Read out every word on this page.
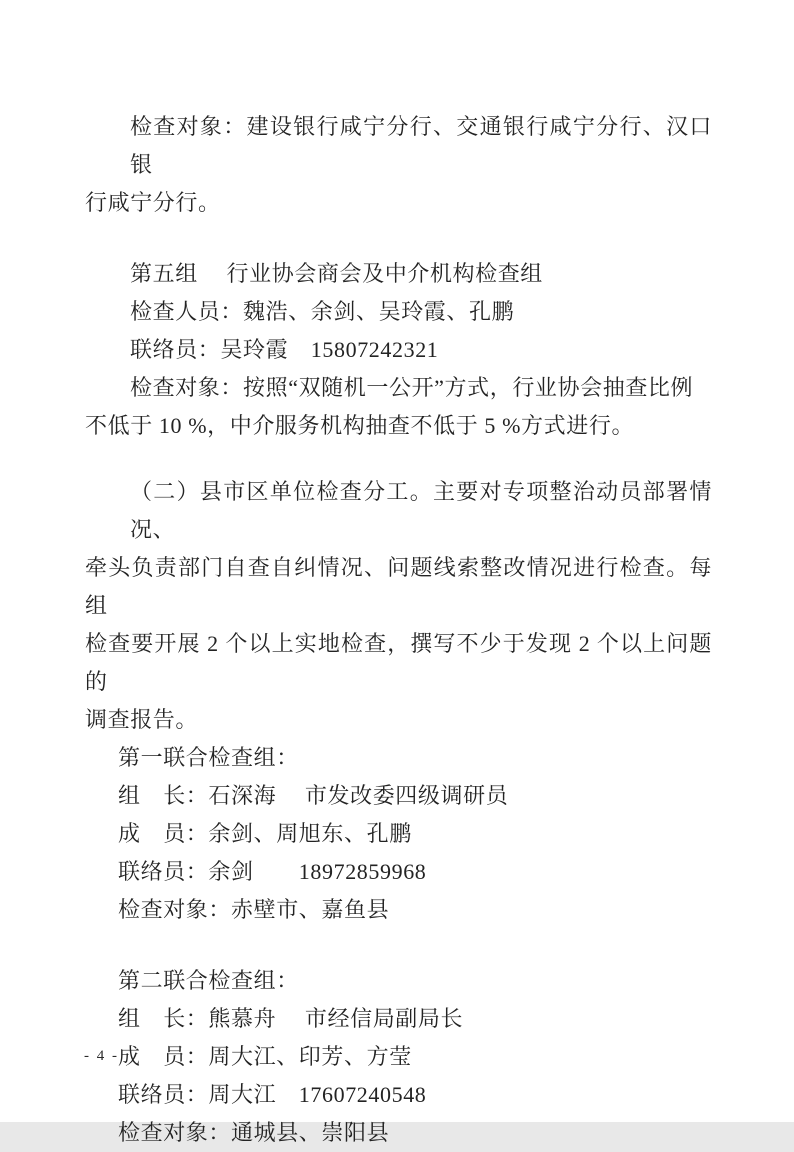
检查对象：建设银行咸宁分行、交通银行咸宁分行、汉口银
行咸宁分行。
第五组　 行业协会商会及中介机构检查组
检查人员：魏浩、余剑、吴玲霞、孔鹏
联络员：吴玲霞　15807242321
检查对象：按照“双随机一公开”方式，行业协会抽查比例
不低于 10 %，中介服务机构抽查不低于 5 %方式进行。
（二）县市区单位检查分工。主要对专项整治动员部署情况、
牵头负责部门自查自纠情况、问题线索整改情况进行检查。每组
检查要开展 2 个以上实地检查，撰写不少于发现 2 个以上问题的
调查报告。
第一联合检查组：
组　长：石深海　 市发改委四级调研员
成　员：余剑、周旭东、孔鹏
联络员：余剑　　18972859968
检查对象：赤壁市、嘉鱼县
第二联合检查组：
组　长：熊慕舟　 市经信局副局长
成　员：周大江、印芳、方莹
联络员：周大江　17607240548
检查对象：通城县、崇阳县
- 4 -
